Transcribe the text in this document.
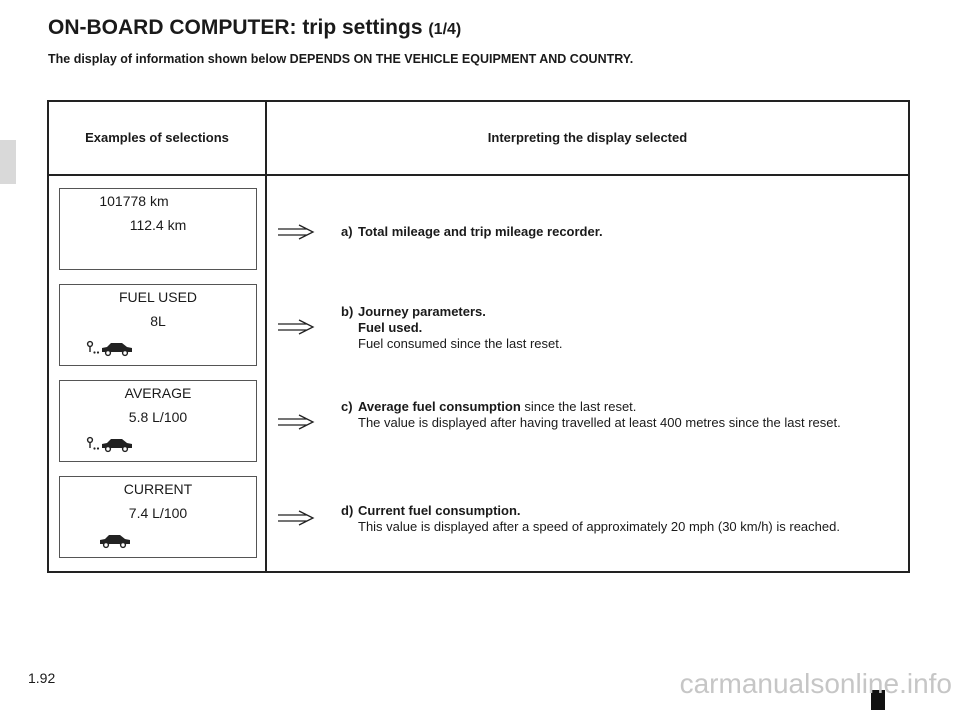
ON-BOARD COMPUTER: trip settings (1/4)

The display of information shown below DEPENDS ON THE VEHICLE EQUIPMENT AND COUNTRY.

Examples of selections	Interpreting the display selected
101778 km
112.4 km	a) Total mileage and trip mileage recorder.
FUEL USED
8L
b) Journey parameters.
Fuel used.
Fuel consumed since the last reset.
AVERAGE
5.8 L/100
c) Average fuel consumption since the last reset.
The value is displayed after having travelled at least 400 metres since the last reset.
CURRENT
7.4 L/100	d) Current fuel consumption.
This value is displayed after a speed of approximately 20 mph (30 km/h) is reached.
1.92	carmanualsonline.info
